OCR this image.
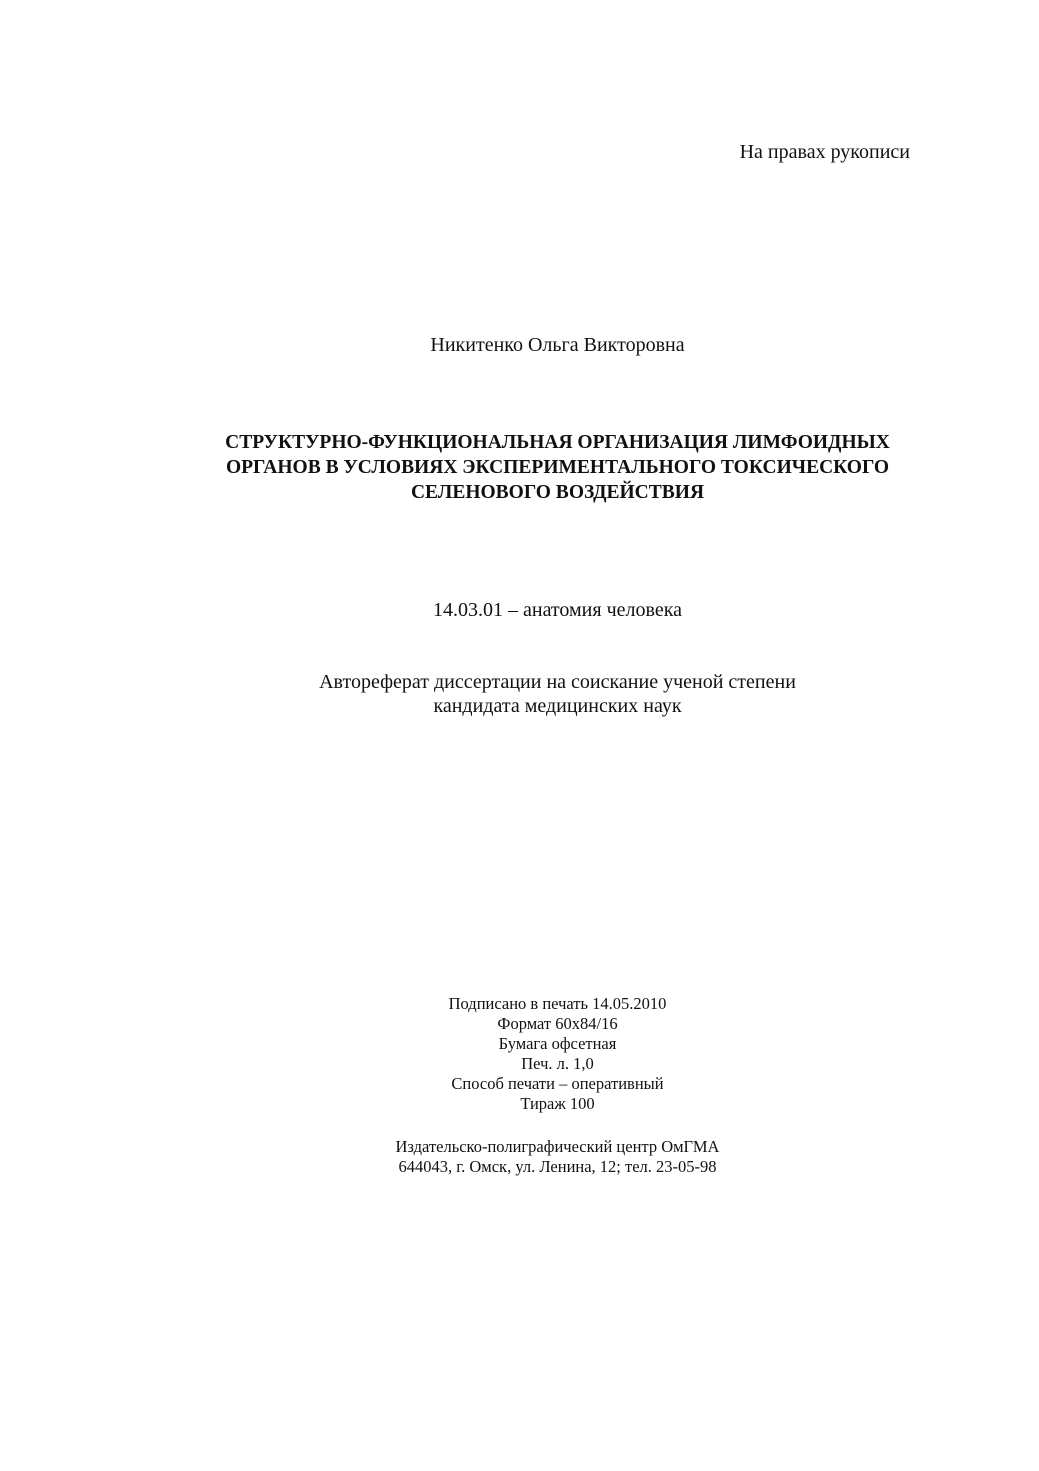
На правах рукописи
Никитенко Ольга Викторовна
СТРУКТУРНО-ФУНКЦИОНАЛЬНАЯ ОРГАНИЗАЦИЯ ЛИМФОИДНЫХ
ОРГАНОВ В УСЛОВИЯХ ЭКСПЕРИМЕНТАЛЬНОГО ТОКСИЧЕСКОГО
СЕЛЕНОВОГО ВОЗДЕЙСТВИЯ
14.03.01 – анатомия человека
Автореферат диссертации на соискание ученой степени
кандидата медицинских наук
Подписано в печать 14.05.2010
Формат 60х84/16
Бумага офсетная
Печ. л. 1,0
Способ печати – оперативный
Тираж 100
Издательско-полиграфический центр ОмГМА
644043, г. Омск, ул. Ленина, 12; тел. 23-05-98
